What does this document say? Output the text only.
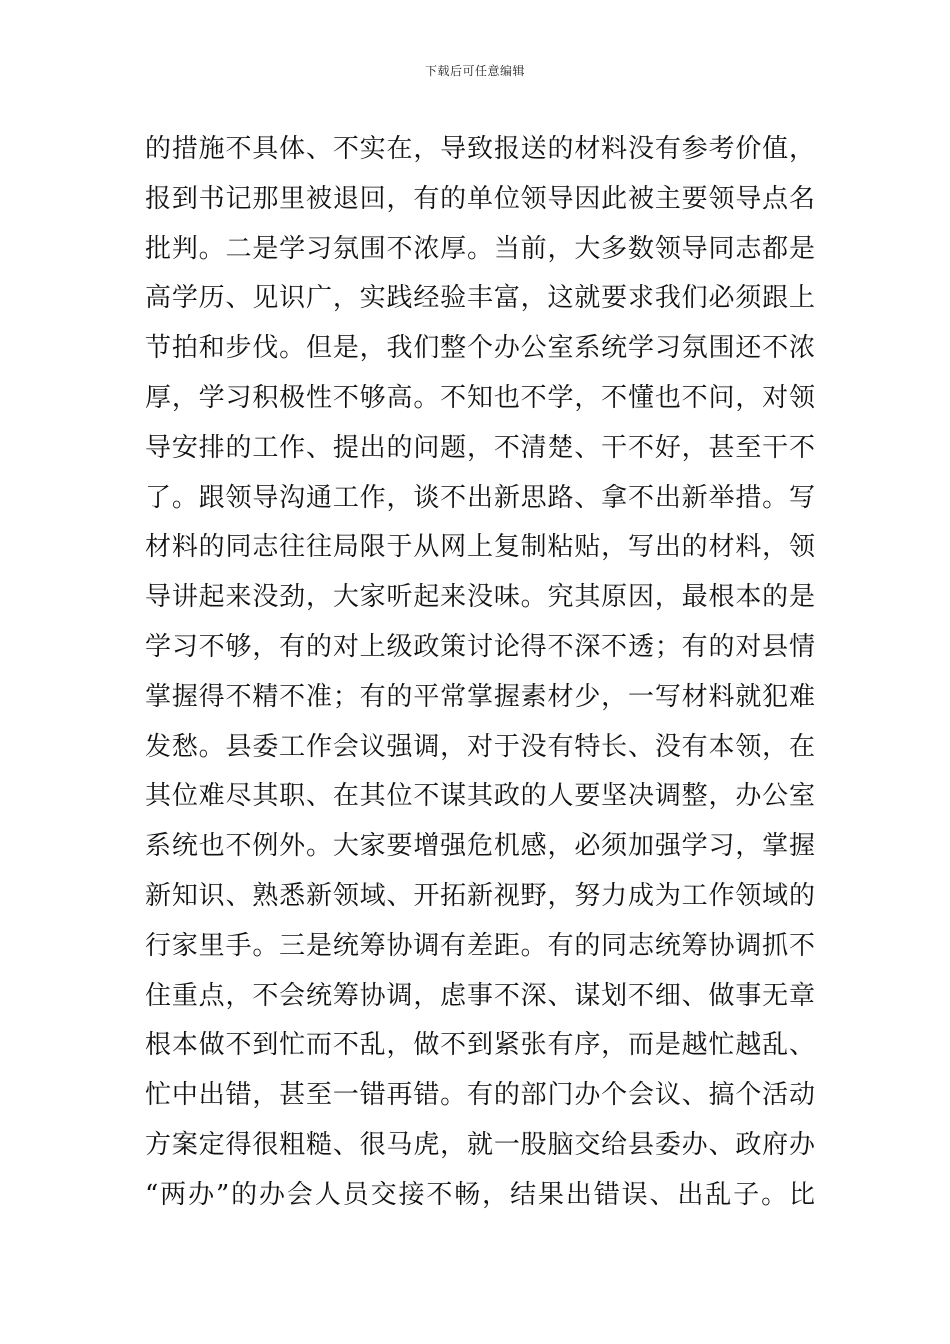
下载后可任意编辑
的措施不具体、不实在，导致报送的材料没有参考价值，
报到书记那里被退回，有的单位领导因此被主要领导点名
批判。二是学习氛围不浓厚。当前，大多数领导同志都是
高学历、见识广，实践经验丰富，这就要求我们必须跟上
节拍和步伐。但是，我们整个办公室系统学习氛围还不浓
厚，学习积极性不够高。不知也不学，不懂也不问，对领
导安排的工作、提出的问题，不清楚、干不好，甚至干不
了。跟领导沟通工作，谈不出新思路、拿不出新举措。写
材料的同志往往局限于从网上复制粘贴，写出的材料，领
导讲起来没劲，大家听起来没味。究其原因，最根本的是
学习不够，有的对上级政策讨论得不深不透；有的对县情
掌握得不精不准；有的平常掌握素材少，一写材料就犯难
发愁。县委工作会议强调，对于没有特长、没有本领，在
其位难尽其职、在其位不谋其政的人要坚决调整，办公室
系统也不例外。大家要增强危机感，必须加强学习，掌握
新知识、熟悉新领域、开拓新视野，努力成为工作领域的
行家里手。三是统筹协调有差距。有的同志统筹协调抓不
住重点，不会统筹协调，虑事不深、谋划不细、做事无章
根本做不到忙而不乱，做不到紧张有序，而是越忙越乱、
忙中出错，甚至一错再错。有的部门办个会议、搞个活动
方案定得很粗糙、很马虎，就一股脑交给县委办、政府办
“两办”的办会人员交接不畅，结果出错误、出乱子。比
